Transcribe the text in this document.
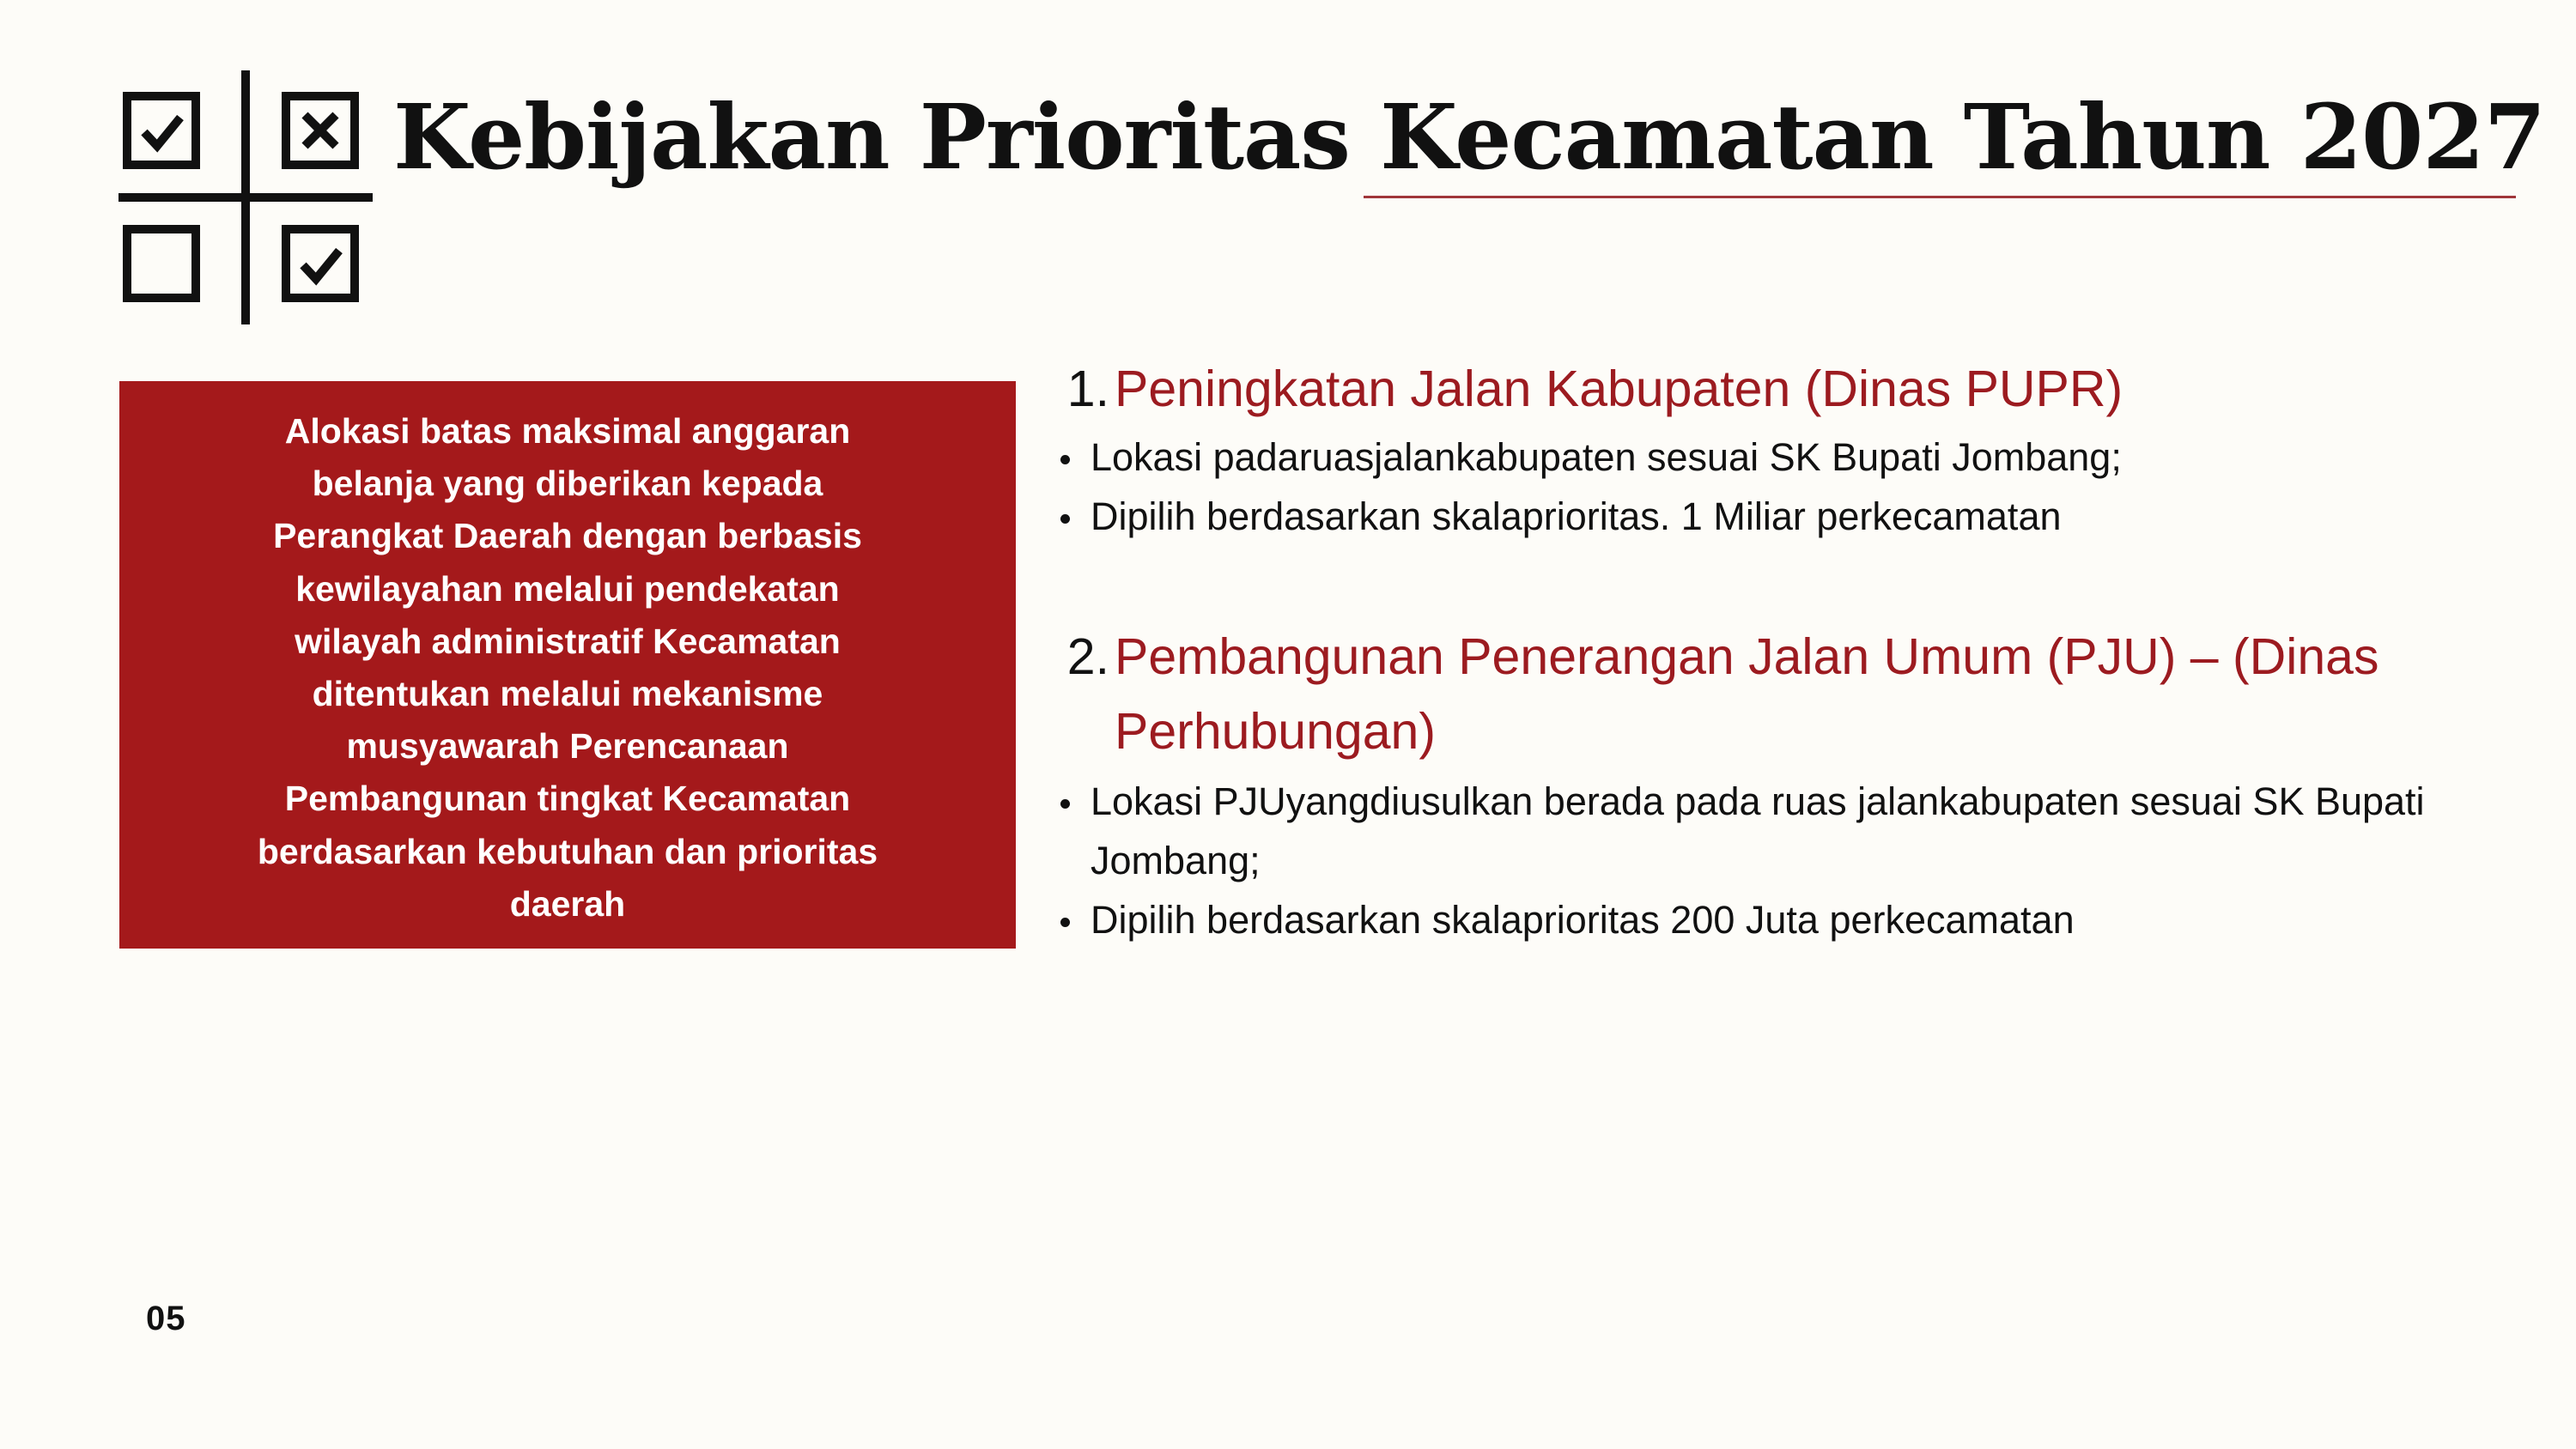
Kebijakan Prioritas Kecamatan Tahun 2027
Alokasi batas maksimal anggaran belanja yang diberikan kepada Perangkat Daerah dengan berbasis kewilayahan melalui pendekatan wilayah administratif Kecamatan ditentukan melalui mekanisme musyawarah Perencanaan Pembangunan tingkat Kecamatan berdasarkan kebutuhan dan prioritas daerah
1. Peningkatan Jalan Kabupaten (Dinas PUPR)
Lokasi padaruasjalankabupaten sesuai SK Bupati Jombang;
Dipilih berdasarkan skalaprioritas. 1 Miliar perkecamatan
2. Pembangunan Penerangan Jalan Umum (PJU) – (Dinas Perhubungan)
Lokasi PJUyangdiusulkan berada pada ruas jalankabupaten sesuai SK Bupati Jombang;
Dipilih berdasarkan skalaprioritas 200 Juta perkecamatan
05
